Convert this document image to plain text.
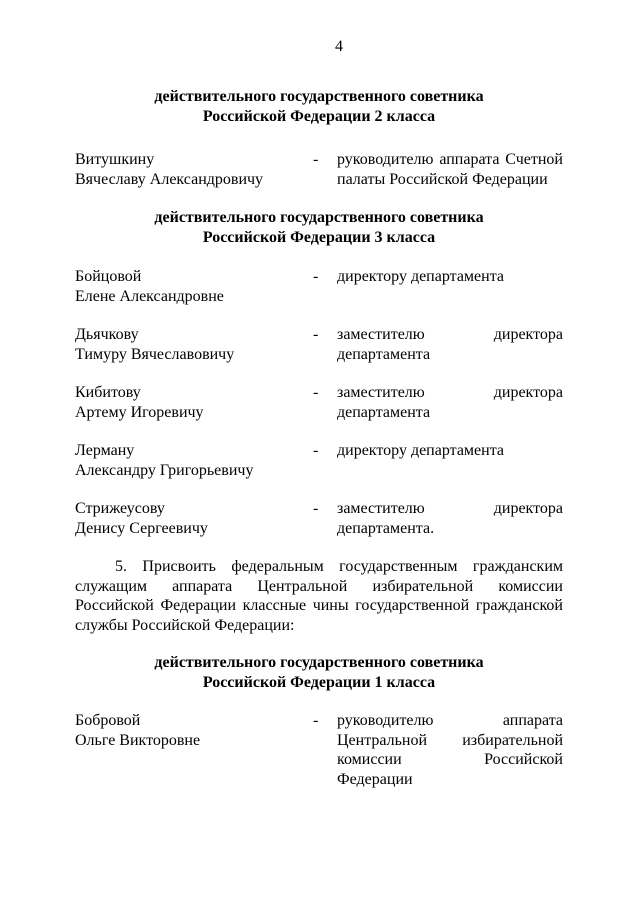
4
действительного государственного советника
Российской Федерации 2 класса
Витушкину
Вячеславу Александровичу
- руководителю аппарата Счетной
палаты Российской Федерации
действительного государственного советника
Российской Федерации 3 класса
Бойцовой
Елене Александровне
- директору департамента
Дьячкову
Тимуру Вячеславовичу
- заместителю директора
департамента
Кибитову
Артему Игоревичу
- заместителю директора
департамента
Лерману
Александру Григорьевичу
- директору департамента
Стрижеусову
Денису Сергеевичу
- заместителю директора
департамента.
5. Присвоить федеральным государственным гражданским
служащим аппарата Центральной избирательной комиссии
Российской Федерации классные чины государственной гражданской
службы Российской Федерации:
действительного государственного советника
Российской Федерации 1 класса
Бобровой
Ольге Викторовне
- руководителю аппарата
Центральной избирательной
комиссии Российской
Федерации
